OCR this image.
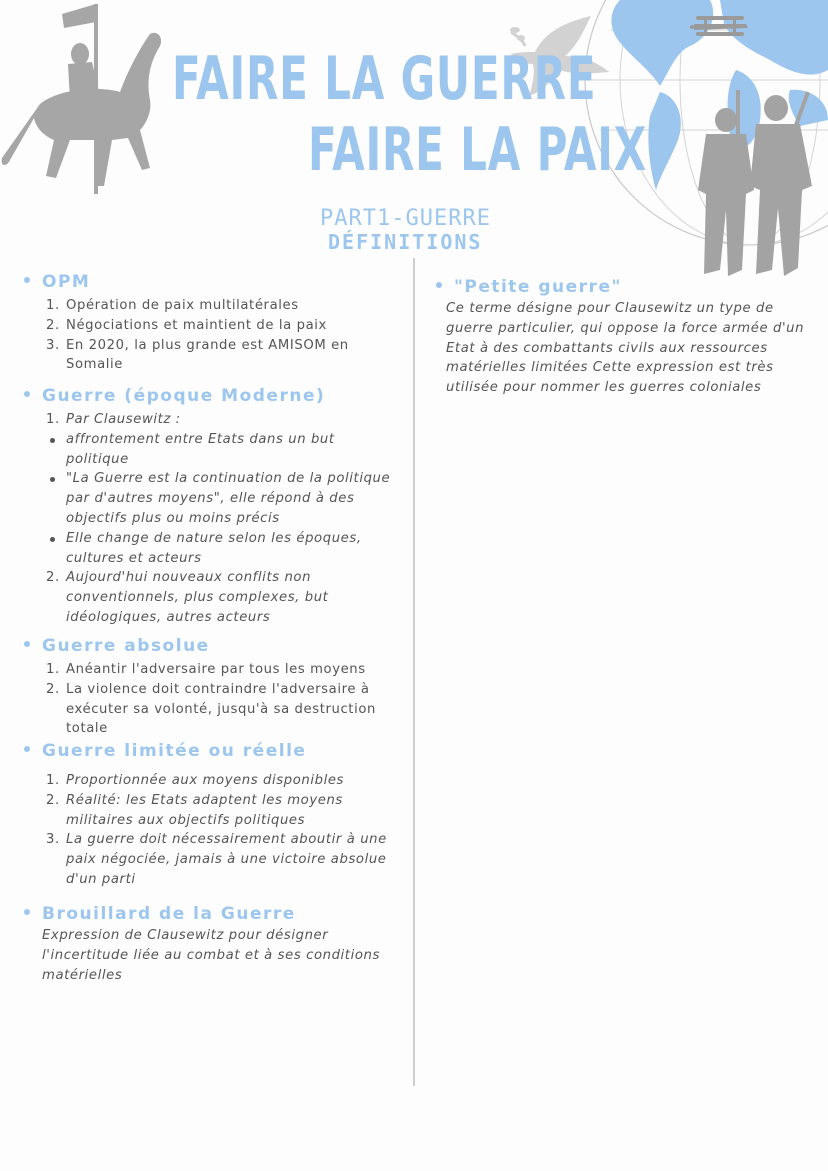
FAIRE LA GUERRE
FAIRE LA PAIX

PART1-GUERRE

DÉFINITIONS

OPM

1. Opération de paix multilatérales
2. Négociations et maintient de la paix
3. En 2020, la plus grande est AMISOM en
Somalie

Guerre (époque Moderne)

1. Par Clausewitz :
affrontement entre Etats dans un but
politique
"La Guerre est la continuation de la politique
par d'autres moyens", elle répond à des
objectifs plus ou moins précis
Elle change de nature selon les époques,
cultures et acteurs
2. Aujourd'hui nouveaux conflits non
conventionnels, plus complexes, but
idéologiques, autres acteurs

Guerre absolue

1. Anéantir l'adversaire par tous les moyens
2. La violence doit contraindre l'adversaire à
exécuter sa volonté, jusqu'à sa destruction
totale

Guerre limitée ou réelle

1. Proportionnée aux moyens disponibles
2. Réalité: les Etats adaptent les moyens
militaires aux objectifs politiques
3. La guerre doit nécessairement aboutir à une
paix négociée, jamais à une victoire absolue
d'un parti

Brouillard de la Guerre

Expression de Clausewitz pour désigner
l'incertitude liée au combat et à ses conditions
matérielles

"Petite guerre"

Ce terme désigne pour Clausewitz un type de
guerre particulier, qui oppose la force armée d'un
Etat à des combattants civils aux ressources
matérielles limitées Cette expression est très
utilisée pour nommer les guerres coloniales
